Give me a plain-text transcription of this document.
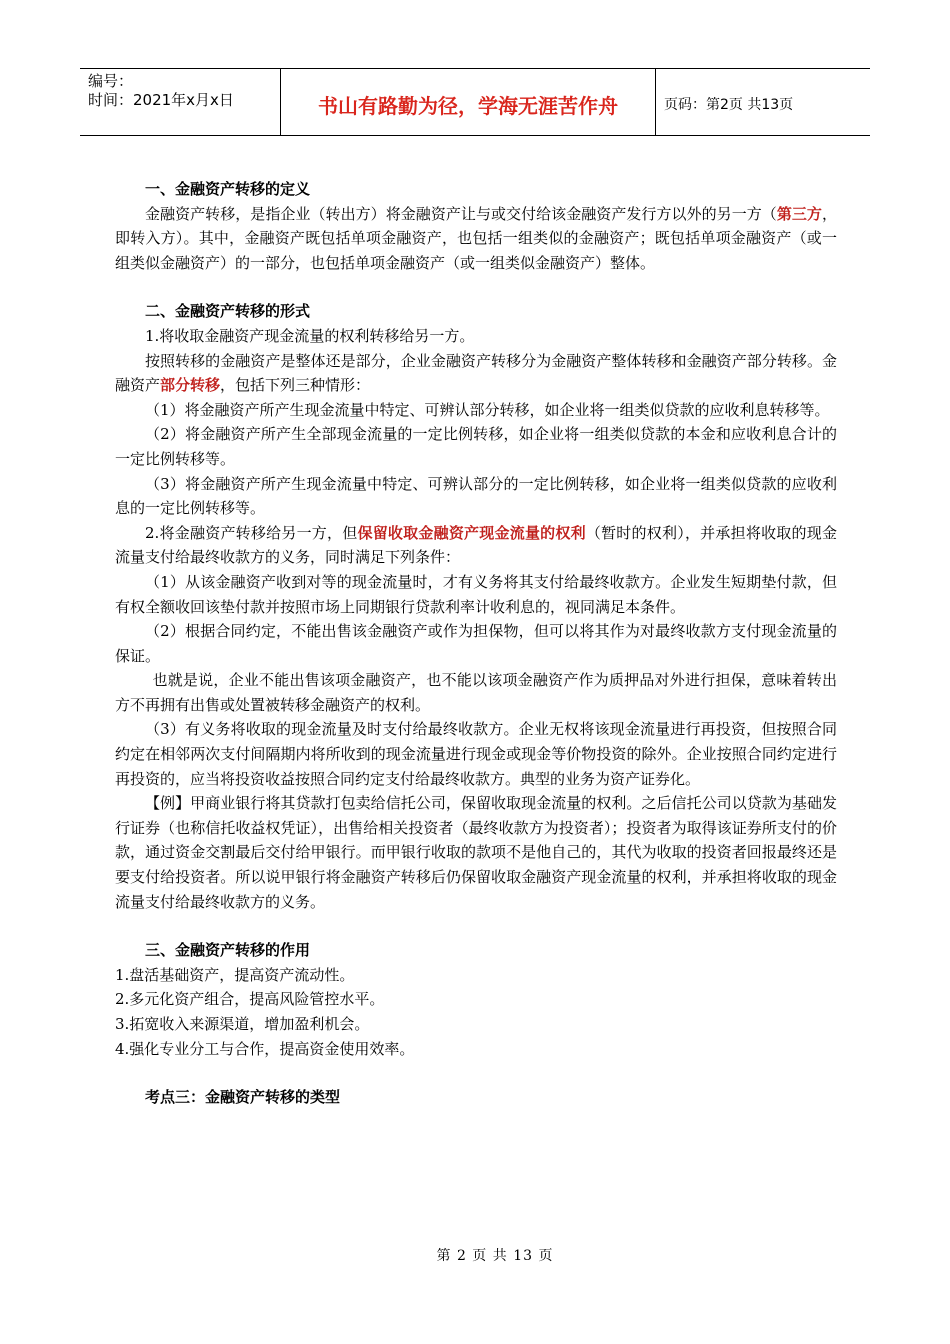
编号：
时间：2021年x月x日	书山有路勤为径，学海无涯苦作舟	页码：第2页 共13页

一、金融资产转移的定义

金融资产转移，是指企业（转出方）将金融资产让与或交付给该金融资产发行方以外的另一方（第三方，即转入方）。其中，金融资产既包括单项金融资产，也包括一组类似的金融资产；既包括单项金融资产（或一组类似金融资产）的一部分，也包括单项金融资产（或一组类似金融资产）整体。

二、金融资产转移的形式

1.将收取金融资产现金流量的权利转移给另一方。

按照转移的金融资产是整体还是部分，企业金融资产转移分为金融资产整体转移和金融资产部分转移。金融资产部分转移，包括下列三种情形：

（1）将金融资产所产生现金流量中特定、可辨认部分转移，如企业将一组类似贷款的应收利息转移等。

（2）将金融资产所产生全部现金流量的一定比例转移，如企业将一组类似贷款的本金和应收利息合计的一定比例转移等。

（3）将金融资产所产生现金流量中特定、可辨认部分的一定比例转移，如企业将一组类似贷款的应收利息的一定比例转移等。

2.将金融资产转移给另一方，但保留收取金融资产现金流量的权利（暂时的权利），并承担将收取的现金流量支付给最终收款方的义务，同时满足下列条件：

（1）从该金融资产收到对等的现金流量时，才有义务将其支付给最终收款方。企业发生短期垫付款，但有权全额收回该垫付款并按照市场上同期银行贷款利率计收利息的，视同满足本条件。

（2）根据合同约定，不能出售该金融资产或作为担保物，但可以将其作为对最终收款方支付现金流量的保证。

也就是说，企业不能出售该项金融资产，也不能以该项金融资产作为质押品对外进行担保，意味着转出方不再拥有出售或处置被转移金融资产的权利。

（3）有义务将收取的现金流量及时支付给最终收款方。企业无权将该现金流量进行再投资，但按照合同约定在相邻两次支付间隔期内将所收到的现金流量进行现金或现金等价物投资的除外。企业按照合同约定进行再投资的，应当将投资收益按照合同约定支付给最终收款方。典型的业务为资产证券化。

【例】甲商业银行将其贷款打包卖给信托公司，保留收取现金流量的权利。之后信托公司以贷款为基础发行证券（也称信托收益权凭证），出售给相关投资者（最终收款方为投资者）；投资者为取得该证券所支付的价款，通过资金交割最后交付给甲银行。而甲银行收取的款项不是他自己的，其代为收取的投资者回报最终还是要支付给投资者。所以说甲银行将金融资产转移后仍保留收取金融资产现金流量的权利，并承担将收取的现金流量支付给最终收款方的义务。

三、金融资产转移的作用

1.盘活基础资产，提高资产流动性。

2.多元化资产组合，提高风险管控水平。

3.拓宽收入来源渠道，增加盈利机会。

4.强化专业分工与合作，提高资金使用效率。

考点三：金融资产转移的类型

第 2 页 共 13 页
